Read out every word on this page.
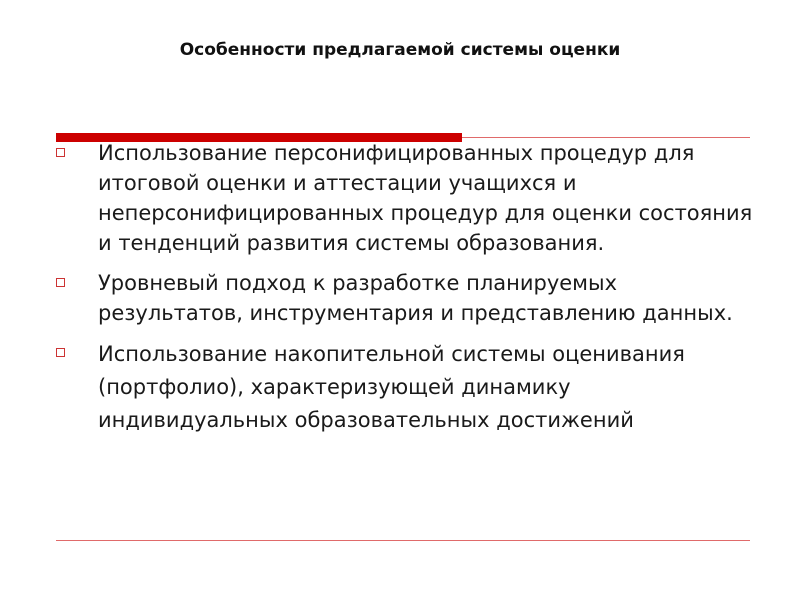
Особенности предлагаемой системы оценки
Использование персонифицированных процедур для итоговой оценки и аттестации учащихся и неперсонифицированных процедур для оценки состояния и тенденций развития системы образования.
Уровневый подход к разработке планируемых результатов, инструментария и представлению данных.
Использование накопительной системы оценивания (портфолио), характеризующей динамику индивидуальных образовательных достижений
